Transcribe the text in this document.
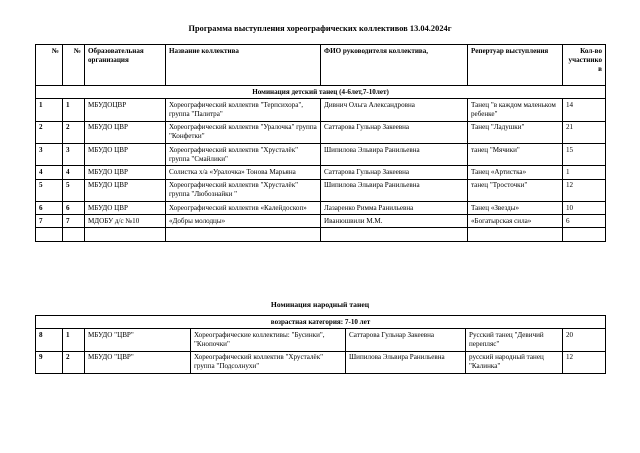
Программа выступления хореографических коллективов 13.04.2024г
№	№	Образовательная организация	Название коллектива	ФИО руководителя коллектива,	Репертуар выступления	Кол-во участников
Номинация детский танец (4-6лет,7-10лет)						
1	1	МБУДОЦВР	Хореографический коллектив "Терпсихора", группа "Палитра"	Дивнич Ольга Александровна	Танец "в каждом маленьком ребенке"	14
2	2	МБУДО ЦВР	Хореографический коллектив "Уралочка" группа "Конфетки"	Саттарова Гульнар Закеевна	Танец "Ладушки"	21
3	3	МБУДО ЦВР	Хореографический коллектив "Хрусталёк" группа "Смайлики"	Шипилова Эльвира Ранильевна	танец "Мячики"	15
4	4	МБУДО ЦВР	Солистка х/а «Уралочка» Тонова Марьяна	Саттарова Гульнар Закеевна	Танец «Артистка»	1
5	5	МБУДО ЦВР	Хореографический коллектив "Хрусталёк" группа "Любознайки "	Шипилова Эльвира Ранильевна	танец "Тросточки"	12
6	6	МБУДО ЦВР	Хореографический коллектив «Калейдоскоп»	Лазаренко Римма Ранильевна	Танец «Звезды»	10
7	7	МДОБУ д/с №10	«Добры молодцы»	Иванюшвили М.М.	«Богатырская сила»	6

Номинация народный танец
возрастная категория: 7-10 лет						
8	1	МБУДО "ЦВР"	Хореографические коллективы: "Бусинки", "Кнопочки"	Саттарова Гульнар Закеевна	Русский танец "Девичий перепляс"	20
9	2	МБУДО "ЦВР"	Хореографический коллектив "Хрусталёк" группа "Подсолнухи"	Шипилова Эльвира Ранильевна	русский народный танец "Калинка"	12
